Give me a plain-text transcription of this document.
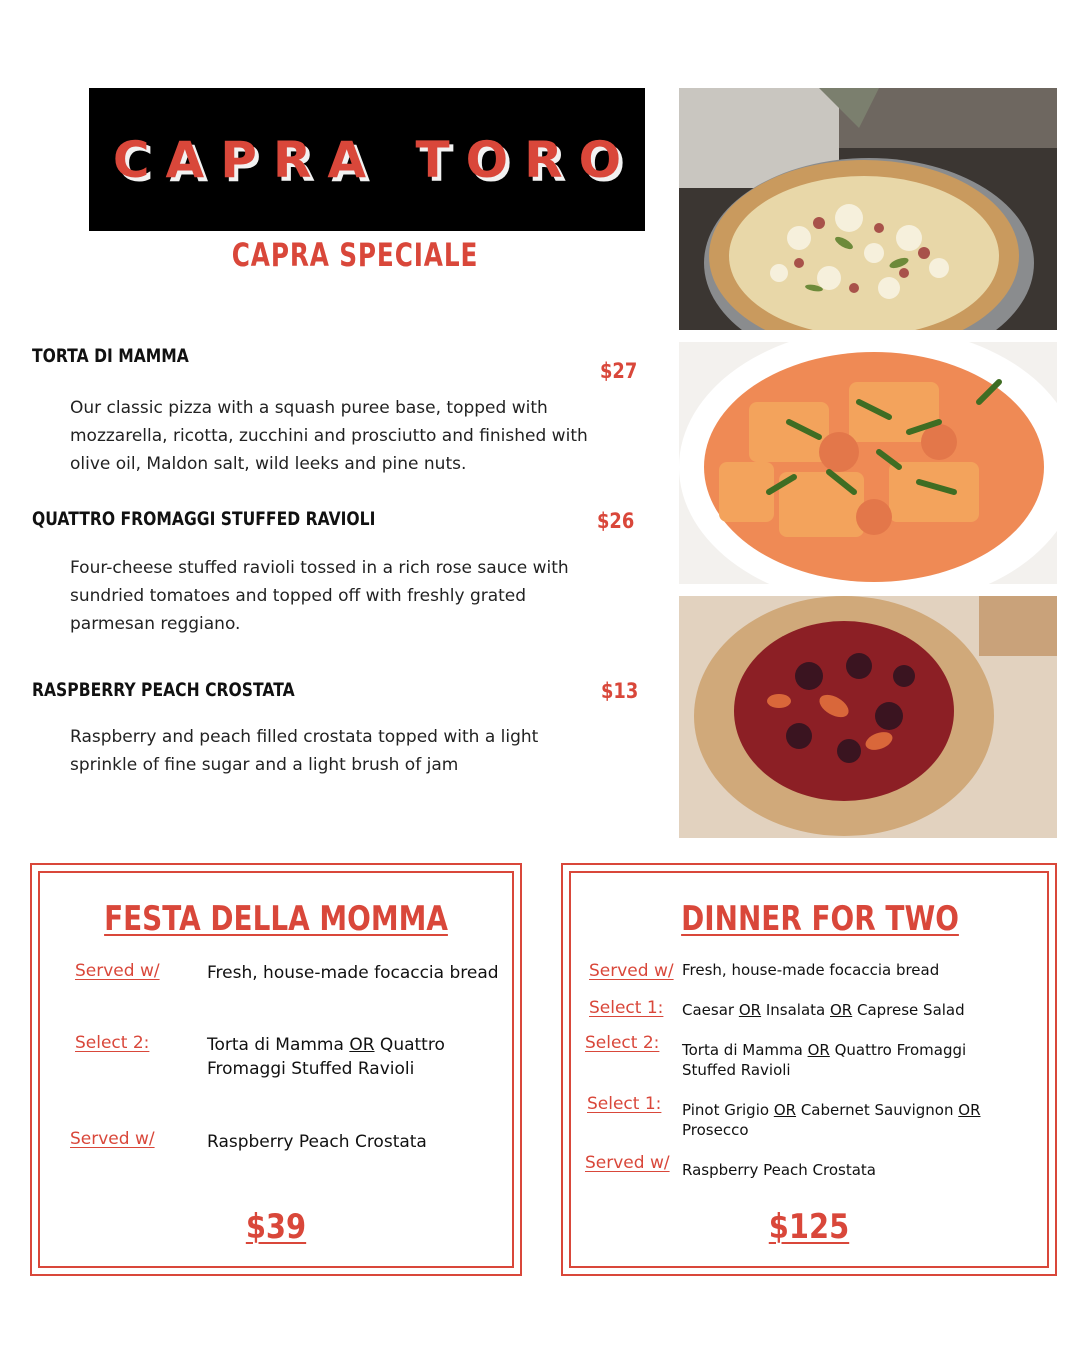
CAPRA TORO
CAPRA SPECIALE
TORTA DI MAMMA
$27
Our classic pizza with a squash puree base, topped with mozzarella, ricotta, zucchini and prosciutto and finished with olive oil, Maldon salt, wild leeks and pine nuts.
QUATTRO FROMAGGI STUFFED RAVIOLI	$26
Four-cheese stuffed ravioli tossed in a rich rose sauce with sundried tomatoes and topped off with freshly grated parmesan reggiano.
RASPBERRY PEACH CROSTATA	$13
Raspberry and peach filled crostata topped with a light sprinkle of fine sugar and a light brush of jam
FESTA DELLA MOMMA
Served w/	Fresh, house-made focaccia bread
Select 2:	Torta di Mamma OR Quattro Fromaggi Stuffed Ravioli
Served w/	Raspberry Peach Crostata
$39
DINNER FOR TWO
Served w/ Fresh, house-made focaccia bread
Select 1: Caesar OR Insalata OR Caprese Salad
Select 2: Torta di Mamma OR Quattro Fromaggi Stuffed Ravioli
Select 1: Pinot Grigio OR Cabernet Sauvignon OR Prosecco
Served w/ Raspberry Peach Crostata
$125
